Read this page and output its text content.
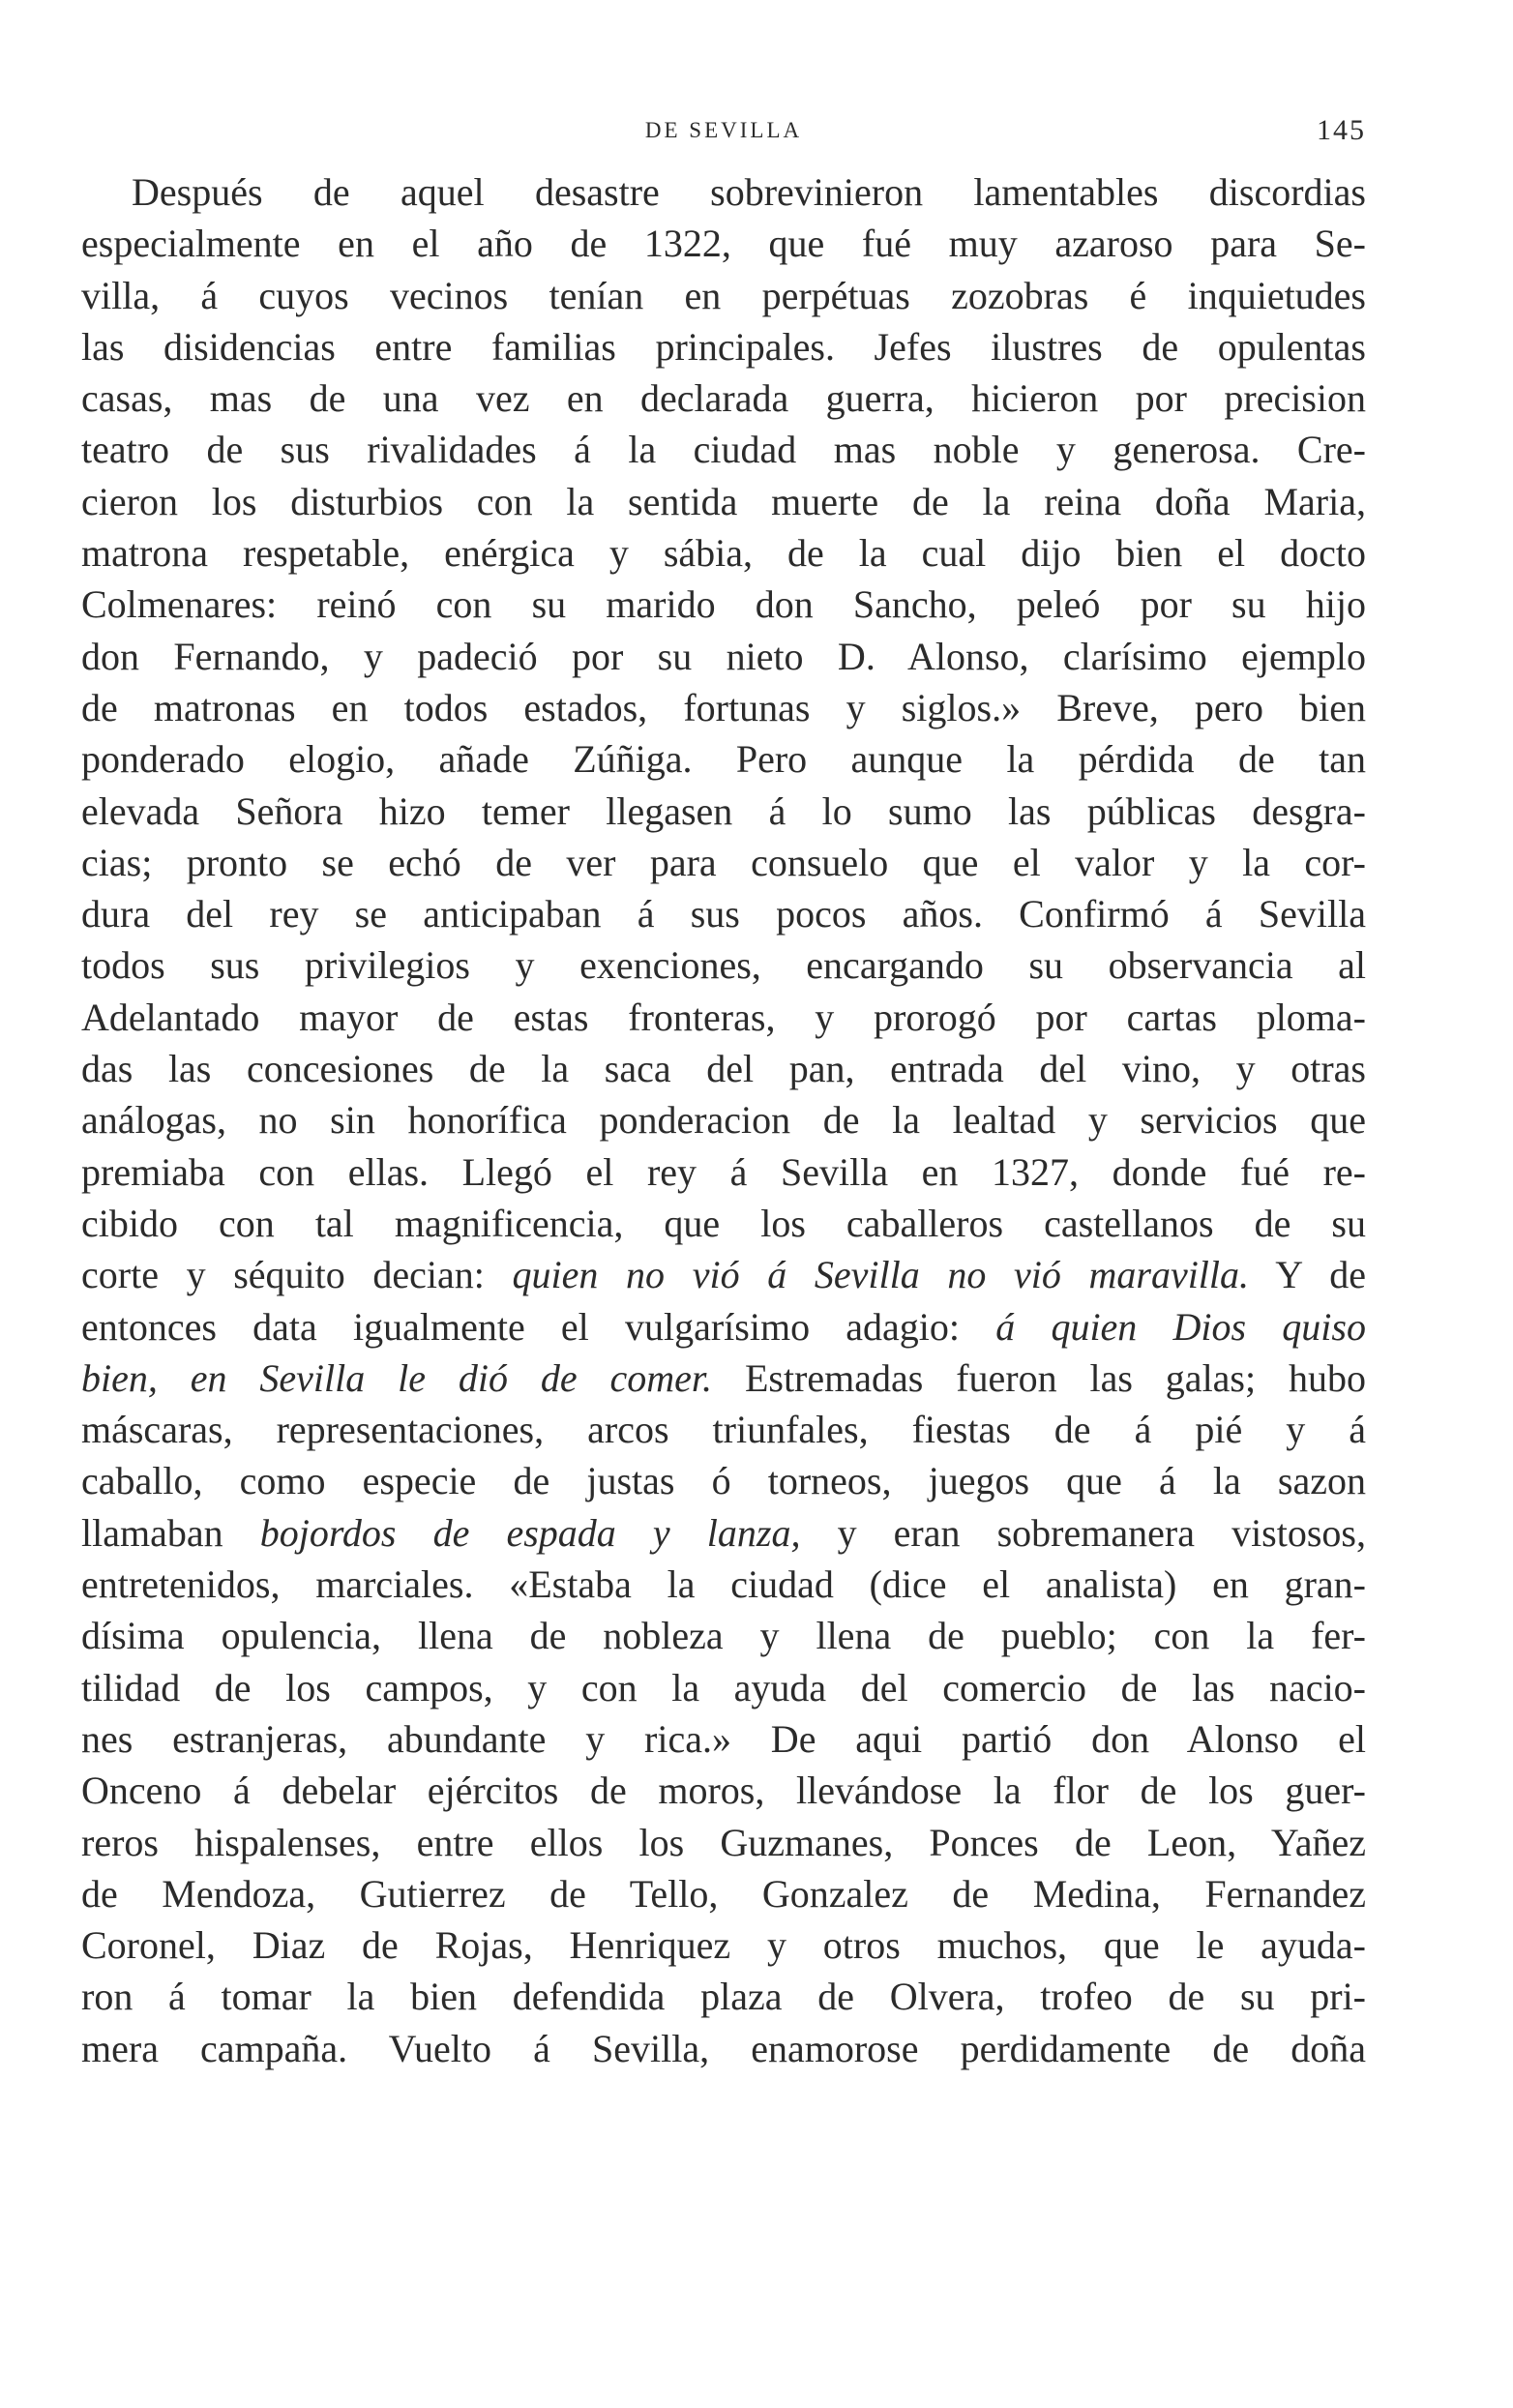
DE SEVILLA	145
Después de aquel desastre sobrevinieron lamentables discordias
especialmente en el año de 1322, que fué muy azaroso para Se-
villa, á cuyos vecinos tenían en perpétuas zozobras é inquietudes
las disidencias entre familias principales. Jefes ilustres de opulentas
casas, mas de una vez en declarada guerra, hicieron por precision
teatro de sus rivalidades á la ciudad mas noble y generosa. Cre-
cieron los disturbios con la sentida muerte de la reina doña Maria,
matrona respetable, enérgica y sábia, de la cual dijo bien el docto
Colmenares: reinó con su marido don Sancho, peleó por su hijo
don Fernando, y padeció por su nieto D. Alonso, clarísimo ejemplo
de matronas en todos estados, fortunas y siglos.» Breve, pero bien
ponderado elogio, añade Zúñiga. Pero aunque la pérdida de tan
elevada Señora hizo temer llegasen á lo sumo las públicas desgra-
cias; pronto se echó de ver para consuelo que el valor y la cor-
dura del rey se anticipaban á sus pocos años. Confirmó á Sevilla
todos sus privilegios y exenciones, encargando su observancia al
Adelantado mayor de estas fronteras, y prorogó por cartas ploma-
das las concesiones de la saca del pan, entrada del vino, y otras
análogas, no sin honorífica ponderacion de la lealtad y servicios que
premiaba con ellas. Llegó el rey á Sevilla en 1327, donde fué re-
cibido con tal magnificencia, que los caballeros castellanos de su
corte y séquito decian: quien no vió á Sevilla no vió maravilla. Y de
entonces data igualmente el vulgarísimo adagio: á quien Dios quiso
bien, en Sevilla le dió de comer. Estremadas fueron las galas; hubo
máscaras, representaciones, arcos triunfales, fiestas de á pié y á
caballo, como especie de justas ó torneos, juegos que á la sazon
llamaban bojordos de espada y lanza, y eran sobremanera vistosos,
entretenidos, marciales. «Estaba la ciudad (dice el analista) en gran-
dísima opulencia, llena de nobleza y llena de pueblo; con la fer-
tilidad de los campos, y con la ayuda del comercio de las nacio-
nes estranjeras, abundante y rica.» De aqui partió don Alonso el
Onceno á debelar ejércitos de moros, llevándose la flor de los guer-
reros hispalenses, entre ellos los Guzmanes, Ponces de Leon, Yañez
de Mendoza, Gutierrez de Tello, Gonzalez de Medina, Fernandez
Coronel, Diaz de Rojas, Henriquez y otros muchos, que le ayuda-
ron á tomar la bien defendida plaza de Olvera, trofeo de su pri-
mera campaña. Vuelto á Sevilla, enamorose perdidamente de doña
